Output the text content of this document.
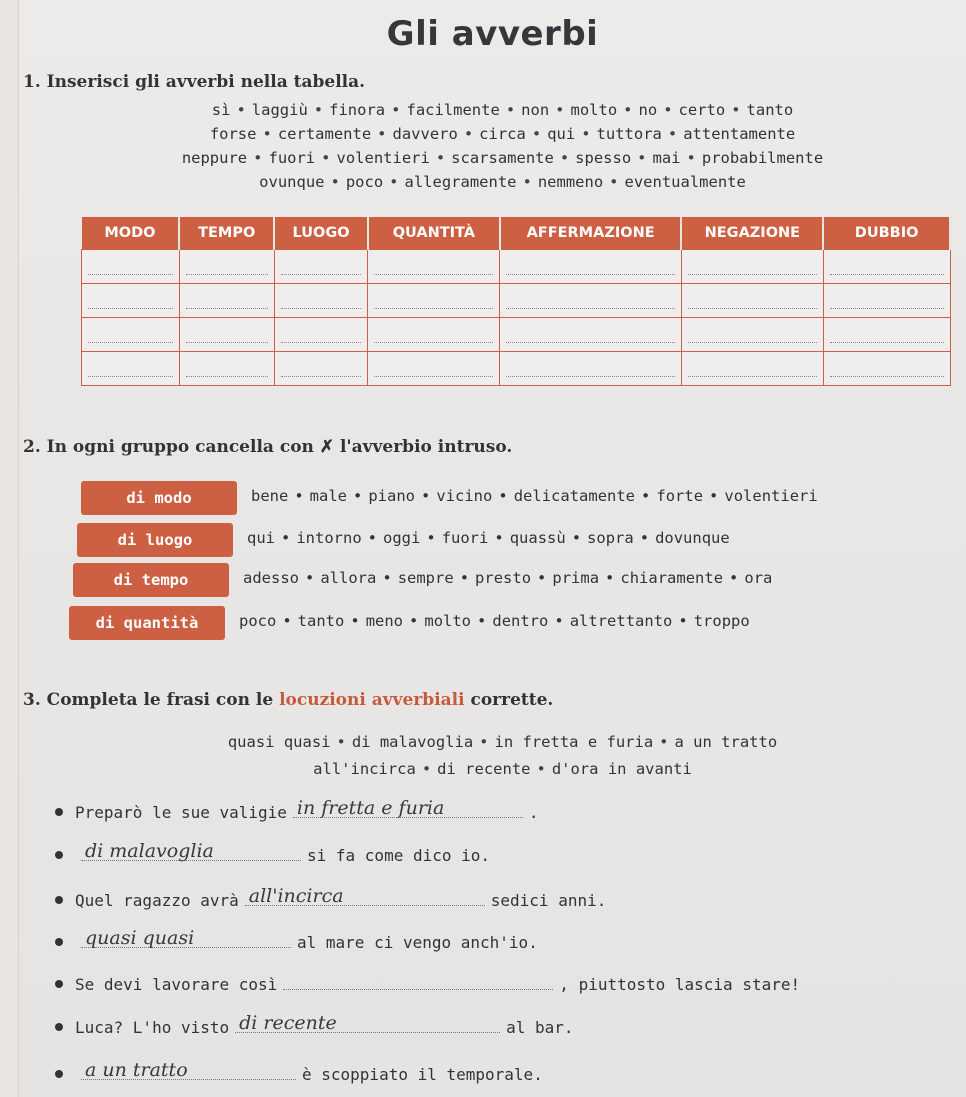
Gli avverbi
1. Inserisci gli avverbi nella tabella.
sì • laggiù • finora • facilmente • non • molto • no • certo • tanto
forse • certamente • davvero • circa • qui • tuttora • attentamente
neppure • fuori • volentieri • scarsamente • spesso • mai • probabilmente
ovunque • poco • allegramente • nemmeno • eventualmente
MODO	TEMPO	LUOGO	QUANTITÀ	AFFERMAZIONE	NEGAZIONE	DUBBIO

2. In ogni gruppo cancella con ✗ l'avverbio intruso.
di modo	bene • male • piano • vicino • delicatamente • forte • volentieri
di luogo	qui • intorno • oggi • fuori • quassù • sopra • dovunque
di tempo	adesso • allora • sempre • presto • prima • chiaramente • ora
di quantità	poco • tanto • meno • molto • dentro • altrettanto • troppo
3. Completa le frasi con le locuzioni avverbiali corrette.
quasi quasi • di malavoglia • in fretta e furia • a un tratto
all'incirca • di recente • d'ora in avanti
Preparò le sue valigie in fretta e furia	.
di malavoglia	si fa come dico io.
Quel ragazzo avrà all'incirca	sedici anni.
quasi quasi	al mare ci vengo anch'io.
Se devi lavorare così	, piuttosto lascia stare!
Luca? L'ho visto di recente	al bar.
a un tratto	è scoppiato il temporale.
